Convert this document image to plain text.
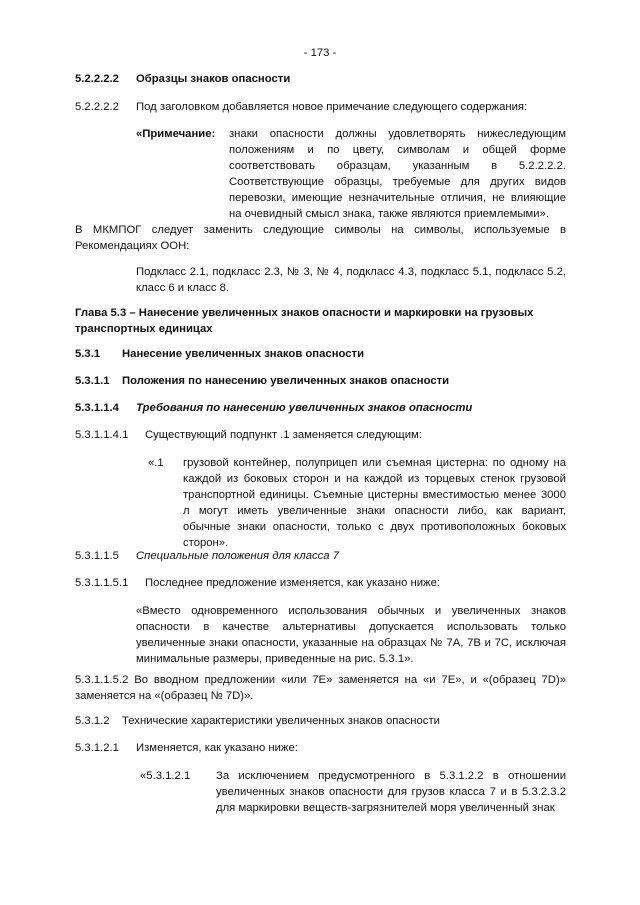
- 173 -
5.2.2.2.2 Образцы знаков опасности
5.2.2.2.2 Под заголовком добавляется новое примечание следующего содержания:
«Примечание: знаки опасности должны удовлетворять нижеследующим положениям и по цвету, символам и общей форме соответствовать образцам, указанным в 5.2.2.2.2. Соответствующие образцы, требуемые для других видов перевозки, имеющие незначительные отличия, не влияющие на очевидный смысл знака, также являются приемлемыми».
В МКМПОГ следует заменить следующие символы на символы, используемые в Рекомендациях ООН:
Подкласс 2.1, подкласс 2.3, № 3, № 4, подкласс 4.3, подкласс 5.1, подкласс 5.2, класс 6 и класс 8.
Глава 5.3 – Нанесение увеличенных знаков опасности и маркировки на грузовых транспортных единицах
5.3.1 Нанесение увеличенных знаков опасности
5.3.1.1 Положения по нанесению увеличенных знаков опасности
5.3.1.1.4 Требования по нанесению увеличенных знаков опасности
5.3.1.1.4.1 Существующий подпункт .1 заменяется следующим:
«.1 грузовой контейнер, полуприцеп или съемная цистерна: по одному на каждой из боковых сторон и на каждой из торцевых стенок грузовой транспортной единицы. Съемные цистерны вместимостью менее 3000 л могут иметь увеличенные знаки опасности либо, как вариант, обычные знаки опасности, только с двух противоположных боковых сторон».
5.3.1.1.5 Специальные положения для класса 7
5.3.1.1.5.1 Последнее предложение изменяется, как указано ниже:
«Вместо одновременного использования обычных и увеличенных знаков опасности в качестве альтернативы допускается использовать только увеличенные знаки опасности, указанные на образцах № 7A, 7B и 7C, исключая минимальные размеры, приведенные на рис. 5.3.1».
5.3.1.1.5.2 Во вводном предложении «или 7E» заменяется на «и 7E», и «(образец 7D)» заменяется на «(образец № 7D)».
5.3.1.2 Технические характеристики увеличенных знаков опасности
5.3.1.2.1 Изменяется, как указано ниже:
«5.3.1.2.1 За исключением предусмотренного в 5.3.1.2.2 в отношении увеличенных знаков опасности для грузов класса 7 и в 5.3.2.3.2 для маркировки веществ-загрязнителей моря увеличенный знак
